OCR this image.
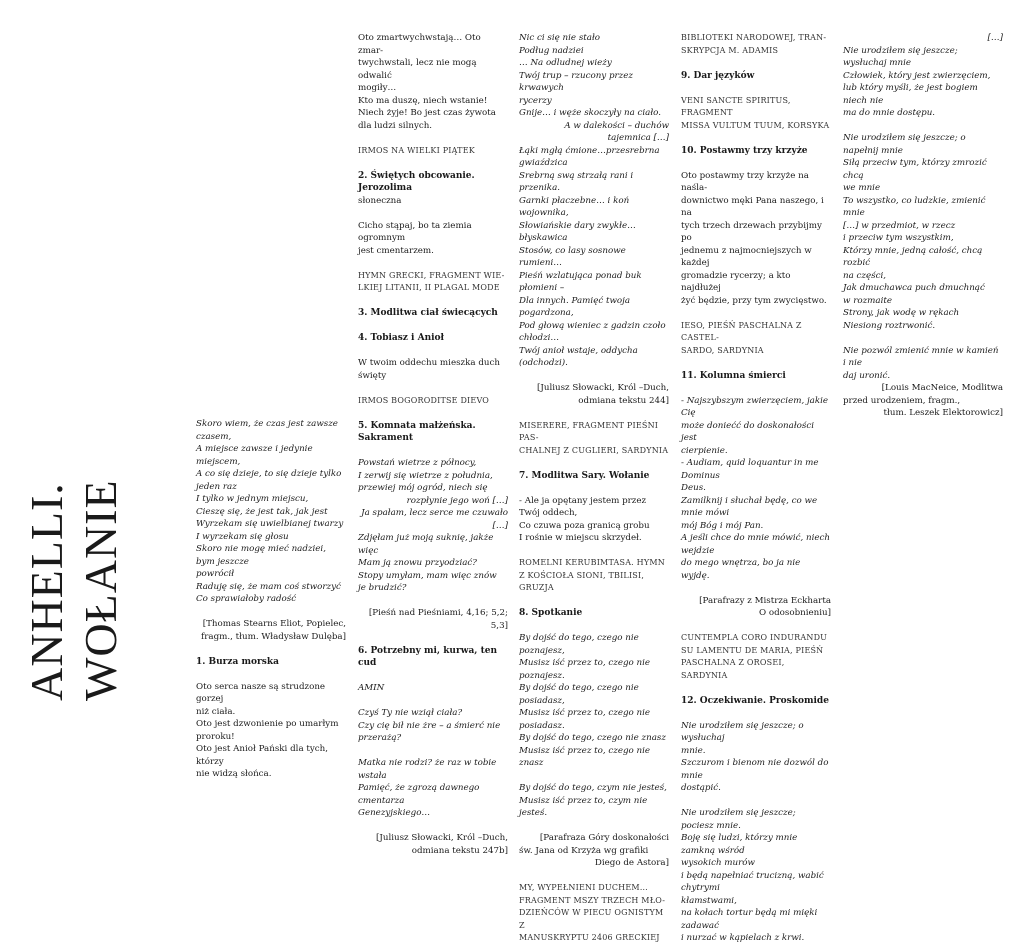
ANHELLI. WOŁANIE

Skoro wiem, że czas jest zawsze czasem,

A miejsce zawsze i jedynie miejscem,

A co się dzieje, to się dzieje tylko jeden raz

I tylko w jednym miejscu,

Cieszę się, że jest tak, jak jest

Wyrzekam się uwielbianej twarzy

I wyrzekam się głosu

Skoro nie mogę mieć nadziei, bym jeszcze

powrócił

Raduję się, że mam coś stworzyć

Co sprawiałoby radość

[Thomas Stearns Eliot, Popielec,

fragm., tłum. Władysław Dulęba]

1. Burza morska

Oto serca nasze są strudzone gorzej

niż ciała.

Oto jest dzwonienie po umarłym

proroku!

Oto jest Anioł Pański dla tych, którzy

nie widzą słońca.

Oto zmartwychwstają… Oto zmar-

twychwstali, lecz nie mogą odwalić

mogiły…

Kto ma duszę, niech wstanie!

Niech żyje! Bo jest czas żywota

dla ludzi silnych.

IRMOS NA WIELKI PIĄTEK

2. Świętych obcowanie. Jerozolima

słoneczna

Cicho stąpaj, bo ta ziemia ogromnym

jest cmentarzem.

HYMN GRECKI, FRAGMENT WIE-

LKIEJ LITANII, II PLAGAL MODE

3. Modlitwa ciał świecących

4. Tobiasz i Anioł

W twoim oddechu mieszka duch

święty

IRMOS BOGORODITSE DIEVO

5. Komnata małżeńska. Sakrament

Powstań wietrze z północy,

I zerwij się wietrze z południa,

przewiej mój ogród, niech się

rozpłynie jego woń […]

Ja spałam, lecz serce me czuwało […]

Zdjęłam już moją suknię, jakże więc

Mam ją znowu przyodziać?

Stopy umyłam, mam więc znów

je brudzić?

[Pieśń nad Pieśniami, 4,16; 5,2; 5,3]

6. Potrzebny mi, kurwa, ten cud

AMIN

Czyś Ty nie wziął ciała?

Czy cię bił nie żre – a śmierć nie

przerażą?

Matka nie rodzi? że raz w tobie wstała

Pamięć, że zgrozą dawnego cmentarza

Genezyjskiego…

[Juliusz Słowacki, Król –Duch,

odmiana tekstu 247b]

Nic ci się nie stało

Podług nadziei

… Na odludnej wieży

Twój trup – rzucony przez krwawych

rycerzy

Gnije… i węże skoczyły na ciało.

A w dalekości – duchów tajemnica […]

Łąki mgłą ćmione…przesrebrna

gwiaździca

Srebrną swą strzałą rani i przenika.

Garnki płaczebne… i koń wojownika,

Słowiańskie dary zwykłe… błyskawica

Stosów, co lasy sosnowe rumieni…

Pieśń wzlatująca ponad buk płomieni –

Dla innych. Pamięć twoja pogardzona,

Pod głową wieniec z gadzin czoło

chłodzi…

Twój anioł wstaje, oddycha (odchodzi).

[Juliusz Słowacki, Król –Duch,

odmiana tekstu 244]

MISERERE, FRAGMENT PIEŚNI PAS-

CHALNEJ Z CUGLIERI, SARDYNIA

7. Modlitwa Sary. Wołanie

- Ale ja opętany jestem przez

Twój oddech,

Co czuwa poza granicą grobu

I rośnie w miejscu skrzydeł.

ROMELNI KERUBIMTASA. HYMN

Z KOŚCIOŁA SIONI, TBILISI, GRUZJA

8. Spotkanie

By dojść do tego, czego nie poznajesz,

Musisz iść przez to, czego nie poznajesz.

By dojść do tego, czego nie posiadasz,

Musisz iść przez to, czego nie posiadasz.

By dojść do tego, czego nie znasz

Musisz iść przez to, czego nie znasz

By dojść do tego, czym nie jesteś,

Musisz iść przez to, czym nie jesteś.

[Parafraza Góry doskonałości

św. Jana od Krzyża wg grafiki

Diego de Astora]

MY, WYPEŁNIENI DUCHEM…

FRAGMENT MSZY TRZECH MŁO-

DZIEŃCÓW W PIECU OGNISTYM Z

MANUSKRYPTU 2406 GRECKIEJ

BIBLIOTEKI NARODOWEJ, TRAN-

SKRYPCJA M. ADAMIS

9. Dar języków

VENI SANCTE SPIRITUS, FRAGMENT

MISSA VULTUM TUUM, KORSYKA

10. Postawmy trzy krzyże

Oto postawmy trzy krzyże na naśla-

downictwo męki Pana naszego, i na

tych trzech drzewach przybijmy po

jednemu z najmocniejszych w każdej

gromadzie rycerzy; a kto najdłużej

żyć będzie, przy tym zwycięstwo.

IESO, PIEŚŃ PASCHALNA Z CASTEL-

SARDO, SARDYNIA

11. Kolumna śmierci

- Najszybszym zwierzęciem, jakie Cię

może doniećć do doskonałości jest

cierpienie.

- Audiam, quid loquantur in me Dominus

Deus.

Zamilknij i słuchał będę, co we mnie mówi

mój Bóg i mój Pan.

A jeśli chce do mnie mówić, niech wejdzie

do mego wnętrza, bo ja nie wyjdę.

[Parafrazy z Mistrza Eckharta

O odosobnieniu]

CUNTEMPLA CORO INDURANDU

SU LAMENTU DE MARIA, PIEŚŃ

PASCHALNA Z OROSEI, SARDYNIA

12. Oczekiwanie. Proskomide

Nie urodziłem się jeszcze; o wysłuchaj

mnie.

Szczurom i bienom nie dozwól do mnie

dostąpić.

Nie urodziłem się jeszcze; pociesz mnie.

Boję się ludzi, którzy mnie zamkną wśród

wysokich murów

i będą napełniać trucizną, wabić chytrymi

kłamstwami,

na kołach tortur będą mi mięki zadawać

i nurzać w kąpielach z krwi.

[…]

Nie urodziłem się jeszcze; wysłuchaj mnie

Człowiek, który jest zwierzęciem,

lub który myśli, że jest bogiem niech nie

ma do mnie dostępu.

Nie urodziłem się jeszcze; o napełnij mnie

Siłą przeciw tym, którzy zmrozić chcą

we mnie

To wszystko, co ludzkie, zmienić mnie

[…] w przedmiot, w rzecz

i przeciw tym wszystkim,

Którzy mnie, jedną całość, chcą rozbić

na części,

Jak dmuchawca puch dmuchnąć

w rozmaite

Strony, jak wodę w rękach

Niesiong roztrwonić.

Nie pozwól zmienić mnie w kamień i nie

daj uronić.

[Louis MacNeice, Modlitwa

przed urodzeniem, fragm.,

tłum. Leszek Elektorowicz]
